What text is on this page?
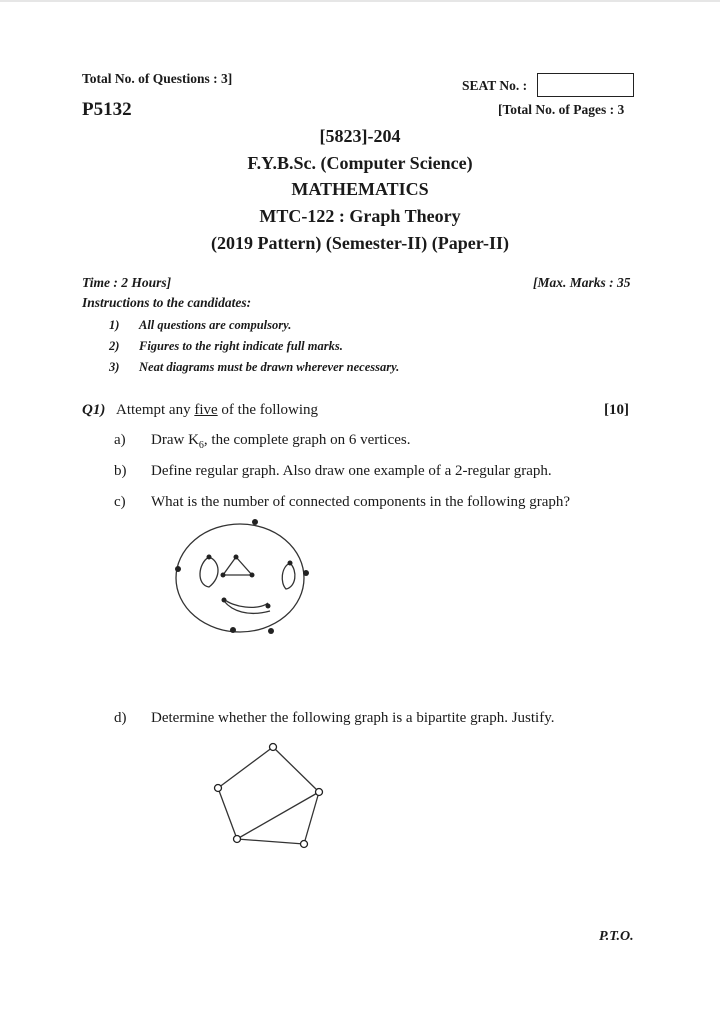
Total No. of Questions : 3]	SEAT No. :
P5132	[Total No. of Pages : 3
[5823]-204
F.Y.B.Sc. (Computer Science)
MATHEMATICS
MTC-122 : Graph Theory
(2019 Pattern) (Semester-II) (Paper-II)
Time : 2 Hours]	[Max. Marks : 35
Instructions to the candidates:
1) All questions are compulsory.
2) Figures to the right indicate full marks.
3) Neat diagrams must be drawn wherever necessary.
Q1) Attempt any five of the following	[10]
a) Draw $K_6$, the complete graph on 6 vertices.
b) Define regular graph. Also draw one example of a 2-regular graph.
c) What is the number of connected components in the following graph?
d) Determine whether the following graph is a bipartite graph. Justify.
P.T.O.
